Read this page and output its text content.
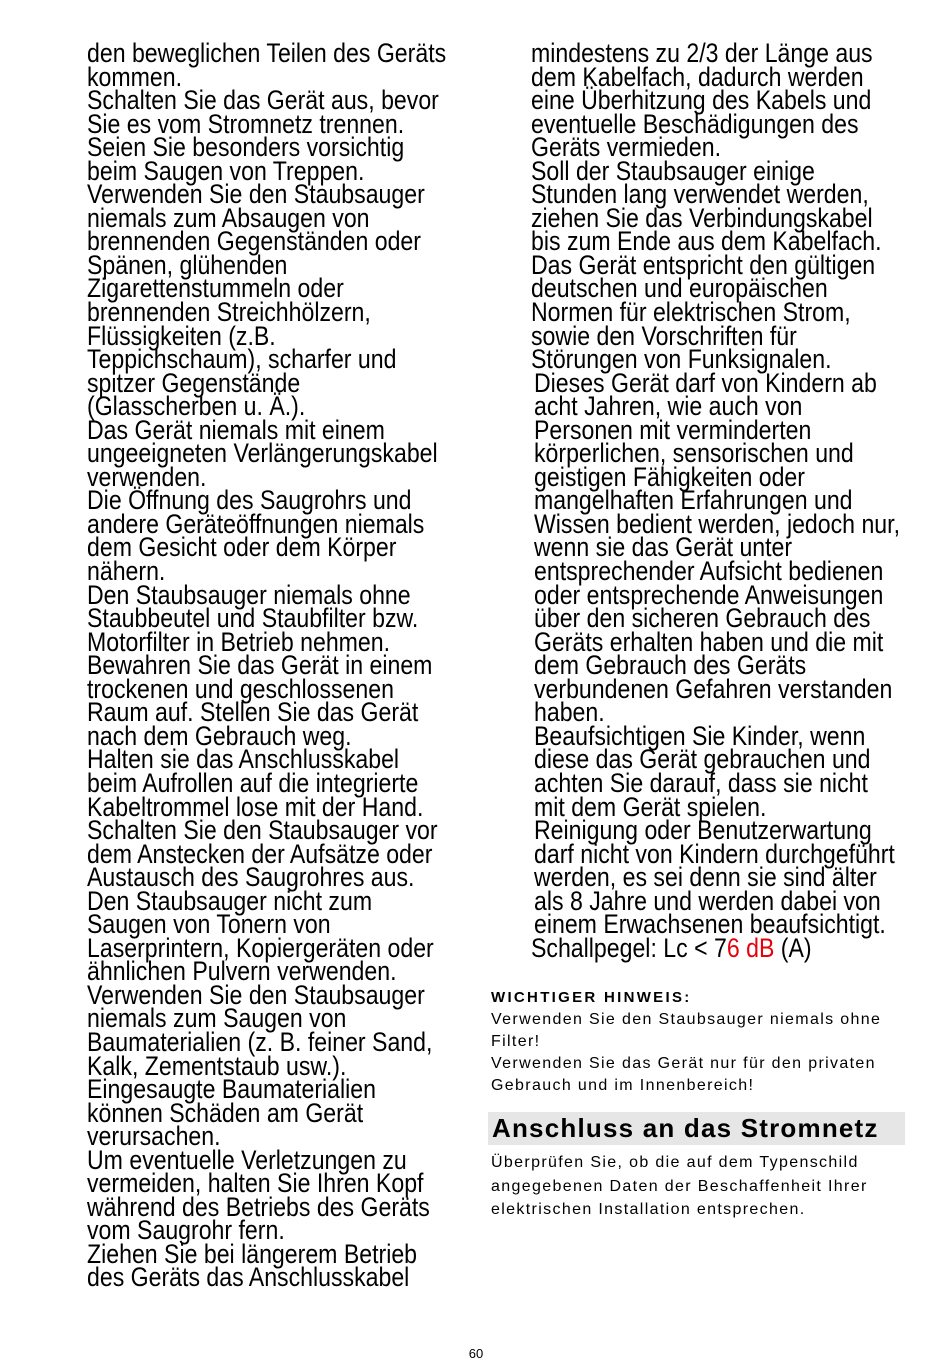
den beweglichen Teilen des Geräts
kommen.
Schalten Sie das Gerät aus, bevor
Sie es vom Stromnetz trennen.
Seien Sie besonders vorsichtig
beim Saugen von Treppen.
Verwenden Sie den Staubsauger
niemals zum Absaugen von
brennenden Gegenständen oder
Spänen, glühenden
Zigarettenstummeln oder
brennenden Streichhölzern,
Flüssigkeiten (z.B.
Teppichschaum), scharfer und
spitzer Gegenstände
(Glasscherben u. Ä.).
Das Gerät niemals mit einem
ungeeigneten Verlängerungskabel
verwenden.
Die Öffnung des Saugrohrs und
andere Geräteöffnungen niemals
dem Gesicht oder dem Körper
nähern.
Den Staubsauger niemals ohne
Staubbeutel und Staubfilter bzw.
Motorfilter in Betrieb nehmen.
Bewahren Sie das Gerät in einem
trockenen und geschlossenen
Raum auf. Stellen Sie das Gerät
nach dem Gebrauch weg.
Halten sie das Anschlusskabel
beim Aufrollen auf die integrierte
Kabeltrommel lose mit der Hand.
Schalten Sie den Staubsauger vor
dem Anstecken der Aufsätze oder
Austausch des Saugrohres aus.
Den Staubsauger nicht zum
Saugen von Tonern von
Laserprintern, Kopiergeräten oder
ähnlichen Pulvern verwenden.
Verwenden Sie den Staubsauger
niemals zum Saugen von
Baumaterialien (z. B. feiner Sand,
Kalk, Zementstaub usw.).
Eingesaugte Baumaterialien
können Schäden am Gerät
verursachen.
Um eventuelle Verletzungen zu
vermeiden, halten Sie Ihren Kopf
während des Betriebs des Geräts
vom Saugrohr fern.
Ziehen Sie bei längerem Betrieb
des Geräts das Anschlusskabel
mindestens zu 2/3 der Länge aus
dem Kabelfach, dadurch werden
eine Überhitzung des Kabels und
eventuelle Beschädigungen des
Geräts vermieden.
Soll der Staubsauger einige
Stunden lang verwendet werden,
ziehen Sie das Verbindungskabel
bis zum Ende aus dem Kabelfach.
Das Gerät entspricht den gültigen
deutschen und europäischen
Normen für elektrischen Strom,
sowie den Vorschriften für
Störungen von Funksignalen.
Dieses Gerät darf von Kindern ab
acht Jahren, wie auch von
Personen mit verminderten
körperlichen, sensorischen und
geistigen Fähigkeiten oder
mangelhaften Erfahrungen und
Wissen bedient werden, jedoch nur,
wenn sie das Gerät unter
entsprechender Aufsicht bedienen
oder entsprechende Anweisungen
über den sicheren Gebrauch des
Geräts erhalten haben und die mit
dem Gebrauch des Geräts
verbundenen Gefahren verstanden
haben.
Beaufsichtigen Sie Kinder, wenn
diese das Gerät gebrauchen und
achten Sie darauf, dass sie nicht
mit dem Gerät spielen.
Reinigung oder Benutzerwartung
darf nicht von Kindern durchgeführt
werden, es sei denn sie sind älter
als 8 Jahre und werden dabei von
einem Erwachsenen beaufsichtigt.
Schallpegel: Lc < 76 dB (A)
WICHTIGER HINWEIS:
Verwenden Sie den Staubsauger niemals ohne
Filter!
Verwenden Sie das Gerät nur für den privaten
Gebrauch und im Innenbereich!
Anschluss an das Stromnetz
Überprüfen Sie, ob die auf dem Typenschild
angegebenen Daten der Beschaffenheit Ihrer
elektrischen Installation entsprechen.
60
